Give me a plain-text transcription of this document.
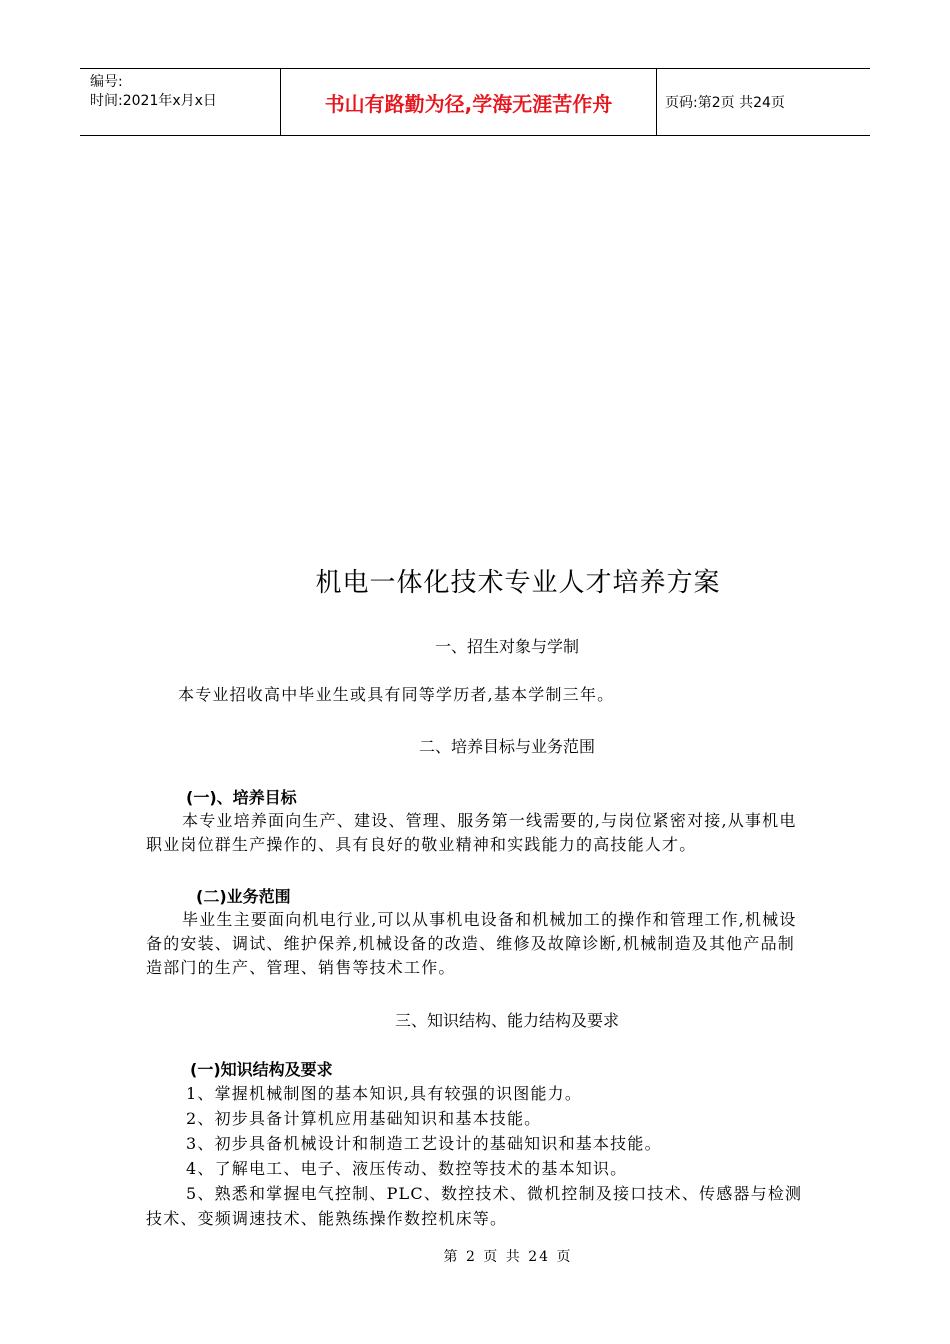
编号:
时间:2021年x月x日	书山有路勤为径,学海无涯苦作舟	页码:第2页 共24页
机电一体化技术专业人才培养方案
一、招生对象与学制
本专业招收高中毕业生或具有同等学历者,基本学制三年。
二、培养目标与业务范围
(一)、培养目标
本专业培养面向生产、建设、管理、服务第一线需要的,与岗位紧密对接,从事机电职业岗位群生产操作的、具有良好的敬业精神和实践能力的高技能人才。
(二)业务范围
毕业生主要面向机电行业,可以从事机电设备和机械加工的操作和管理工作,机械设备的安装、调试、维护保养,机械设备的改造、维修及故障诊断,机械制造及其他产品制造部门的生产、管理、销售等技术工作。
三、知识结构、能力结构及要求
(一)知识结构及要求
1、掌握机械制图的基本知识,具有较强的识图能力。
2、初步具备计算机应用基础知识和基本技能。
3、初步具备机械设计和制造工艺设计的基础知识和基本技能。
4、了解电工、电子、液压传动、数控等技术的基本知识。
5、熟悉和掌握电气控制、PLC、数控技术、微机控制及接口技术、传感器与检测技术、变频调速技术、能熟练操作数控机床等。
第 2 页 共 24 页
